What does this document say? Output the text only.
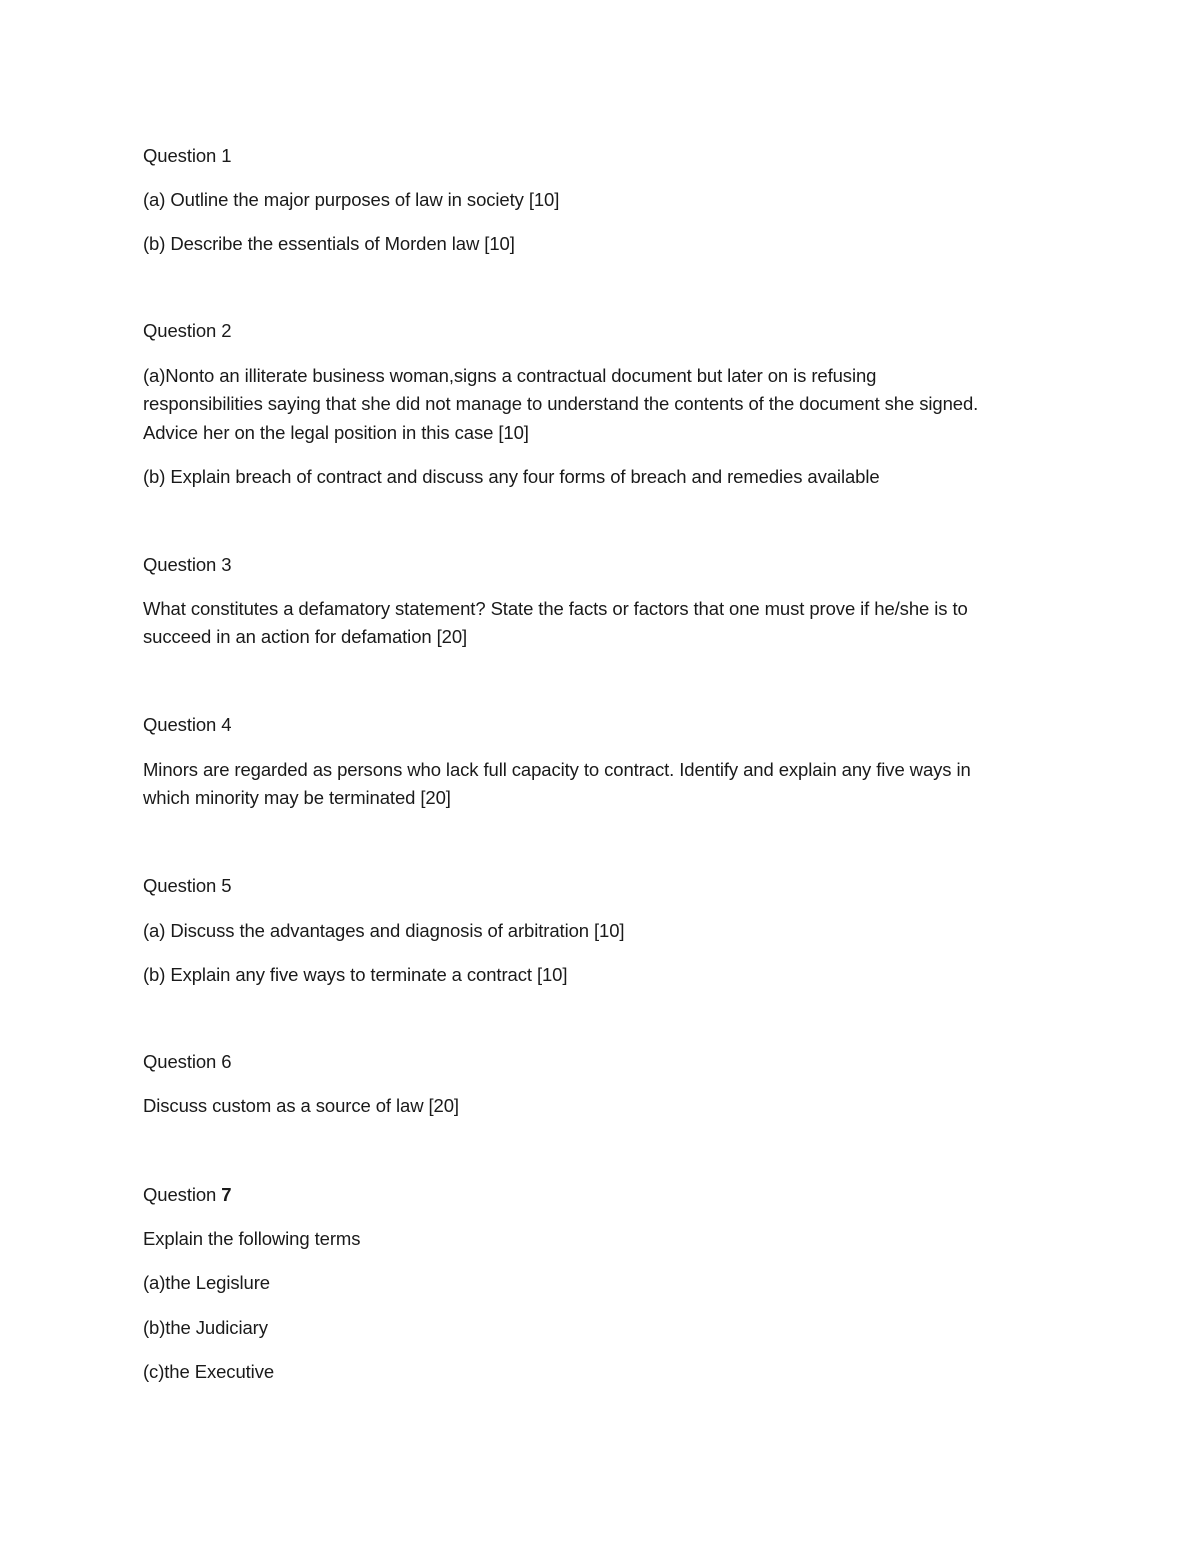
Question 1
(a) Outline the major purposes of law in society [10]
(b) Describe the essentials of Morden law [10]
Question 2
(a)Nonto an illiterate business woman,signs a contractual document but later on is refusing
responsibilities saying that she did not manage to understand the contents of the document she signed.
Advice her on the legal position in this case [10]
(b) Explain breach of contract and discuss any four forms of breach and remedies available
Question 3
What constitutes a defamatory statement? State the facts or factors that one must prove if he/she is to
succeed in an action for defamation [20]
Question 4
Minors are regarded as persons who lack full capacity to contract. Identify and explain any five ways in
which minority may be terminated [20]
Question 5
(a) Discuss the advantages and diagnosis of arbitration [10]
(b) Explain any five ways to terminate a contract [10]
Question 6
Discuss custom as a source of law [20]
Question 7
Explain the following terms
(a)the Legislure
(b)the Judiciary
(c)the Executive
